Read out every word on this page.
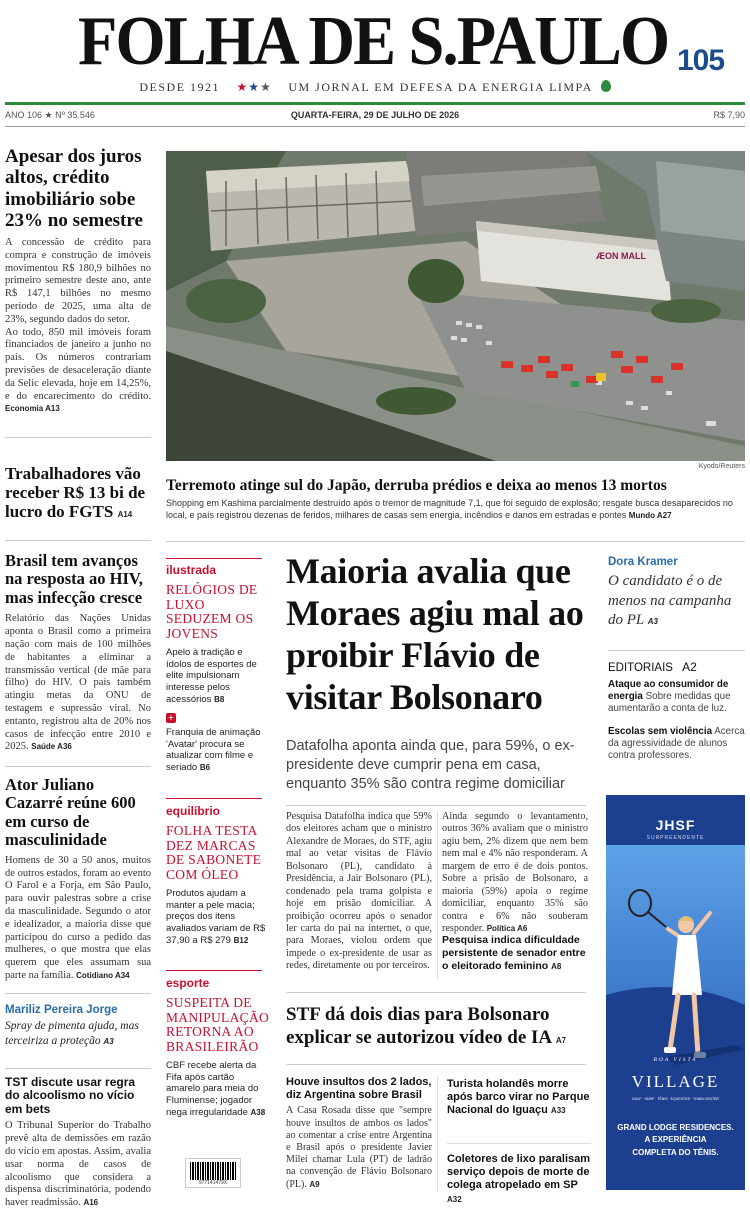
FOLHA DE S.PAULO 105
DESDE 1921 ★★★ UM JORNAL EM DEFESA DA ENERGIA LIMPA
ANO 106 ★ Nº 35.546	QUARTA-FEIRA, 29 DE JULHO DE 2026	R$ 7,90
Apesar dos juros altos, crédito imobiliário sobe 23% no semestre
A concessão de crédito para compra e construção de imóveis movimentou R$ 180,9 bilhões no primeiro semestre deste ano, ante R$ 147,1 bilhões no mesmo período de 2025, uma alta de 23%, segundo dados do setor.
Ao todo, 850 mil imóveis foram financiados de janeiro a junho no país. Os números contrariam previsões de desaceleração diante da Selic elevada, hoje em 14,25%, e do encarecimento do crédito. Economia A13
Trabalhadores vão receber R$ 13 bi de lucro do FGTS A14
Brasil tem avanços na resposta ao HIV, mas infecção cresce
Relatório das Nações Unidas aponta o Brasil como a primeira nação com mais de 100 milhões de habitantes a eliminar a transmissão vertical (de mãe para filho) do HIV. O país também atingiu metas da ONU de testagem e supressão viral. No entanto, registrou alta de 20% nos casos de infecção entre 2010 e 2025. Saúde A36
Ator Juliano Cazarré reúne 600 em curso de masculinidade
Homens de 30 a 50 anos, muitos de outros estados, foram ao evento O Farol e a Forja, em São Paulo, para ouvir palestras sobre a crise da masculinidade. Segundo o ator e idealizador, a maioria disse que participou do curso a pedido das mulheres, o que mostra que elas querem que eles assumam sua parte na família. Cotidiano A34
Mariliz Pereira Jorge
Spray de pimenta ajuda, mas terceiriza a proteção A3
TST discute usar regra do alcoolismo no vício em bets
O Tribunal Superior do Trabalho prevê alta de demissões em razão do vício em apostas. Assim, avalia usar norma de casos de alcoolismo que considera a dispensa discriminatória, podendo haver readmissão. A16
ÆON MALL
Kyodo/Reuters
Terremoto atinge sul do Japão, derruba prédios e deixa ao menos 13 mortos
Shopping em Kashima parcialmente destruído após o tremor de magnitude 7,1, que foi seguido de explosão; resgate busca desaparecidos no local, e país registrou dezenas de feridos, milhares de casas sem energia, incêndios e danos em estradas e pontes Mundo A27
ilustrada
RELÓGIOS DE LUXO SEDUZEM OS JOVENS
Apelo à tradição e ídolos de esportes de elite impulsionam interesse pelos acessórios B8
+
Franquia de animação 'Avatar' procura se atualizar com filme e seriado B6
equilíbrio
FOLHA TESTA DEZ MARCAS DE SABONETE COM ÓLEO
Produtos ajudam a manter a pele macia; preços dos itens avaliados variam de R$ 37,90 a R$ 279 B12
esporte
SUSPEITA DE MANIPULAÇÃO RETORNA AO BRASILEIRÃO
CBF recebe alerta da Fifa após cartão amarelo para meia do Fluminense; jogador nega irregularidade A38
977141479X
Maioria avalia que Moraes agiu mal ao proibir Flávio de visitar Bolsonaro
Datafolha aponta ainda que, para 59%, o ex-presidente deve cumprir pena em casa, enquanto 35% são contra regime domiciliar
Pesquisa Datafolha indica que 59% dos eleitores acham que o ministro Alexandre de Moraes, do STF, agiu mal ao vetar visitas de Flávio Bolsonaro (PL), candidato à Presidência, a Jair Bolsonaro (PL), condenado pela trama golpista e hoje em prisão domiciliar. A proibição ocorreu após o senador ler carta do pai na internet, o que, para Moraes, violou ordem que impede o ex-presidente de usar as redes, diretamente ou por terceiros.
Ainda segundo o levantamento, outros 36% avaliam que o ministro agiu bem, 2% dizem que nem bem nem mal e 4% não responderam. A margem de erro é de dois pontos. Sobre a prisão de Bolsonaro, a maioria (59%) apoia o regime domiciliar, enquanto 35% são contra e 6% não souberam responder. Política A6
Pesquisa indica dificuldade persistente de senador entre o eleitorado feminino A8
STF dá dois dias para Bolsonaro explicar se autorizou vídeo de IA A7
Houve insultos dos 2 lados, diz Argentina sobre Brasil
A Casa Rosada disse que "sempre houve insultos de ambos os lados" ao comentar a crise entre Argentina e Brasil após o presidente Javier Milei chamar Lula (PT) de ladrão na convenção de Flávio Bolsonaro (PL). A9
Turista holandês morre após barco virar no Parque Nacional do Iguaçu A33
Coletores de lixo paralisam serviço depois de morte de colega atropelado em SP A32
Dora Kramer
O candidato é o de menos na campanha do PL A3
EDITORIAIS A2
Ataque ao consumidor de energia Sobre medidas que aumentarão a conta de luz.
Escolas sem violência Acerca da agressividade de alunos contra professores.
JHSF
SURPREENDENTE
BOA VISTA
VILLAGE
GOLF · SURF · TÊNIS · EQUESTRE · TOWN CENTER
GRAND LODGE RESIDENCES.
A EXPERIÊNCIA
COMPLETA DO TÊNIS.
